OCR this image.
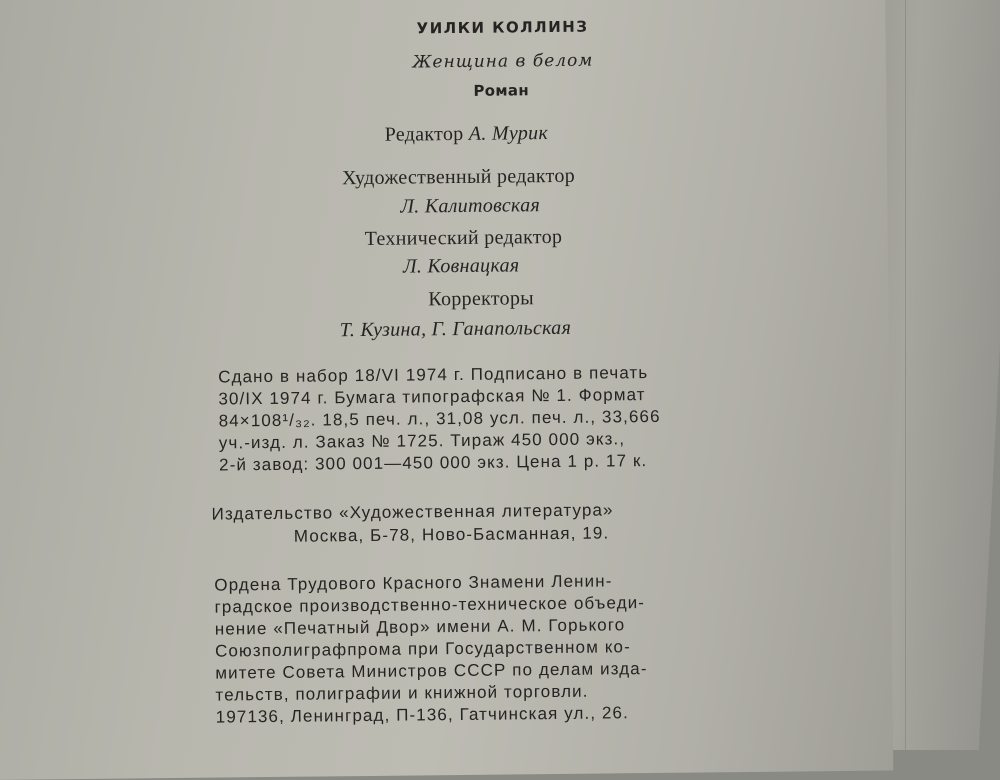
УИЛКИ КОЛЛИНЗ
Женщина в белом
Роман
Редактор А. Мурик
Художественный редактор
Л. Калитовская
Технический редактор
Л. Ковнацкая
Корректоры
Т. Кузина, Г. Ганапольская
Сдано в набор 18/VI 1974 г. Подписано в печать
30/IX 1974 г. Бумага типографская № 1. Формат
84×108¹/₃₂. 18,5 печ. л., 31,08 усл. печ. л., 33,666
уч.-изд. л. Заказ № 1725. Тираж 450 000 экз.,
2-й завод: 300 001—450 000 экз. Цена 1 р. 17 к.
Издательство «Художественная литература»
Москва, Б-78, Ново-Басманная, 19.
Ордена Трудового Красного Знамени Ленин-
градское производственно-техническое объеди-
нение «Печатный Двор» имени А. М. Горького
Союзполиграфпрома при Государственном ко-
митете Совета Министров СССР по делам изда-
тельств, полиграфии и книжной торговли.
197136, Ленинград, П-136, Гатчинская ул., 26.
